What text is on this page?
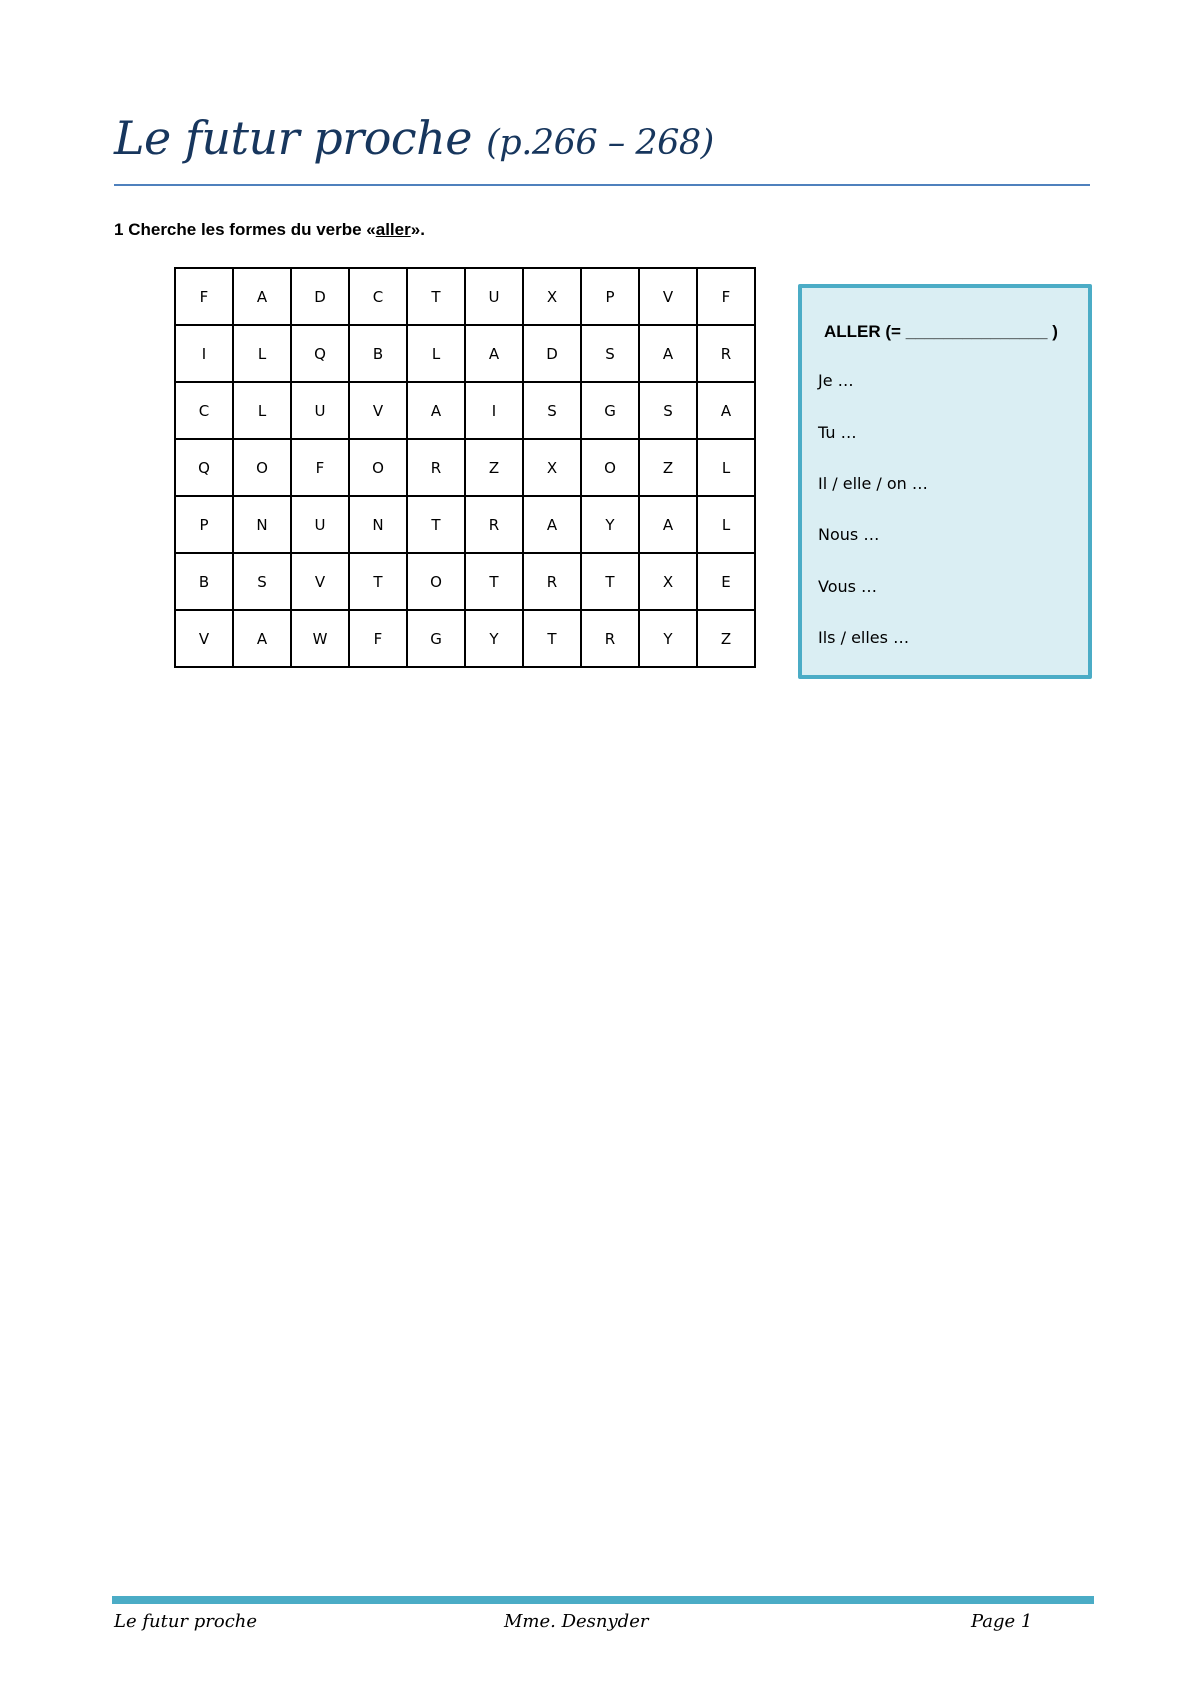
Le futur proche (p.266 – 268)
1 Cherche les formes du verbe «aller».
F	A	D	C	T	U	X	P	V	F
I	L	Q	B	L	A	D	S	A	R
C	L	U	V	A	I	S	G	S	A
Q	O	F	O	R	Z	X	O	Z	L
P	N	U	N	T	R	A	Y	A	L
B	S	V	T	O	T	R	T	X	E
V	A	W	F	G	Y	T	R	Y	Z
ALLER (= _______________ )
Je …
Tu …
Il / elle / on …
Nous …
Vous …
Ils / elles …
Le futur proche	Mme. Desnyder	Page 1
